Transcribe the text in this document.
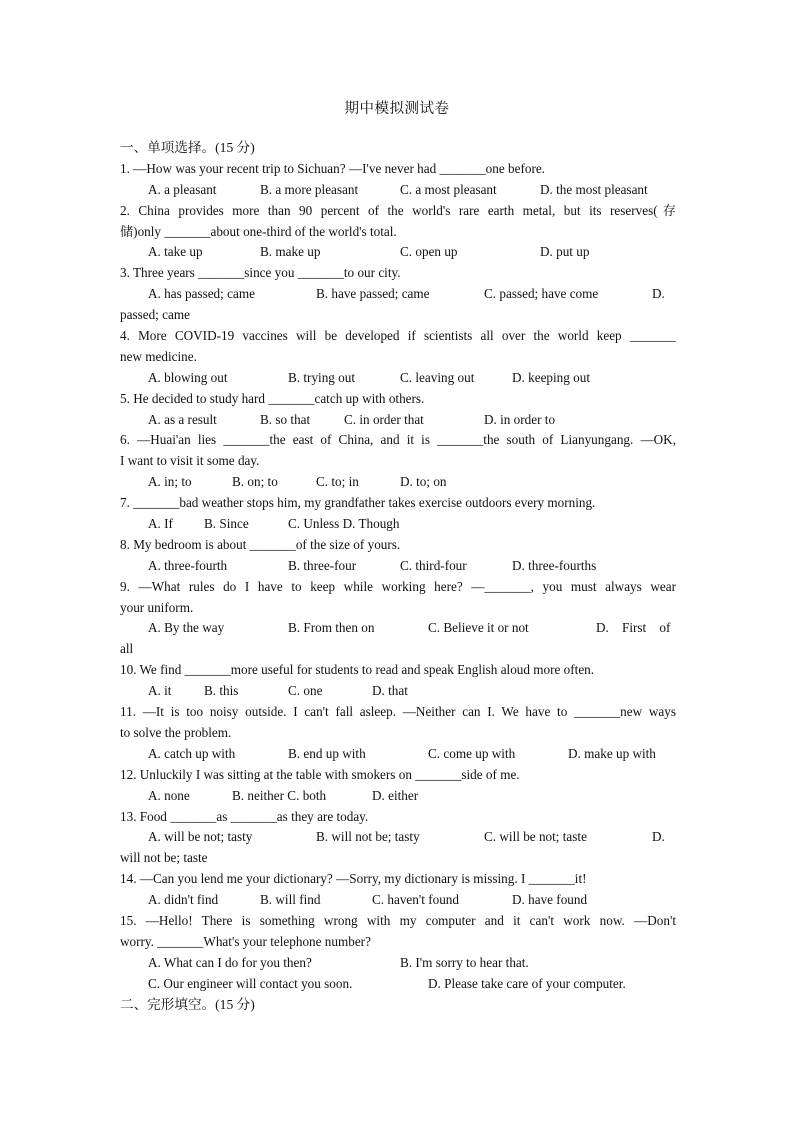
期中模拟测试卷
一、单项选择。(15 分)
1. —How was your recent trip to Sichuan? —I've never had _______one before.
A. a pleasant	B. a more pleasant	C. a most pleasant	D. the most pleasant
2. China provides more than 90 percent of the world's rare earth metal, but its reserves(存
储)only _______about one-third of the world's total.
A. take up	B. make up	C. open up	D. put up
3. Three years _______since you _______to our city.
A. has passed; came	B. have passed; came	C. passed; have come	D.
passed; came
4. More COVID-19 vaccines will be developed if scientists all over the world keep _______
new medicine.
A. blowing out	B. trying out	C. leaving out	D. keeping out
5. He decided to study hard _______catch up with others.
A. as a result	B. so that	C. in order that	D. in order to
6. —Huai'an lies _______the east of China, and it is _______the south of Lianyungang. —OK,
I want to visit it some day.
A. in; to	B. on; to	C. to; in	D. to; on
7. _______bad weather stops him, my grandfather takes exercise outdoors every morning.
A. If B. Since	C. Unless D. Though
8. My bedroom is about _______of the size of yours.
A. three-fourth	B. three-four	C. third-four	D. three-fourths
9. —What rules do I have to keep while working here? —_______, you must always wear
your uniform.
A. By the way	B. From then on	C. Believe it or not	D.    First    of
all
10. We find _______more useful for students to read and speak English aloud more often.
A. it B. this	C. one	D. that
11. —It is too noisy outside. I can't fall asleep. —Neither can I. We have to _______new ways
to solve the problem.
A. catch up with	B. end up with	C. come up with	D. make up with
12. Unluckily I was sitting at the table with smokers on _______side of me.
A. none	B. neither C. both	D. either
13. Food _______as _______as they are today.
A. will be not; tasty	B. will not be; tasty	C. will be not; taste	D.
will not be; taste
14. —Can you lend me your dictionary? —Sorry, my dictionary is missing. I _______it!
A. didn't find	B. will find	C. haven't found	D. have found
15. —Hello! There is something wrong with my computer and it can't work now. —Don't
worry. _______What's your telephone number?
A. What can I do for you then?	B. I'm sorry to hear that.
C. Our engineer will contact you soon.	D. Please take care of your computer.
二、完形填空。(15 分)
